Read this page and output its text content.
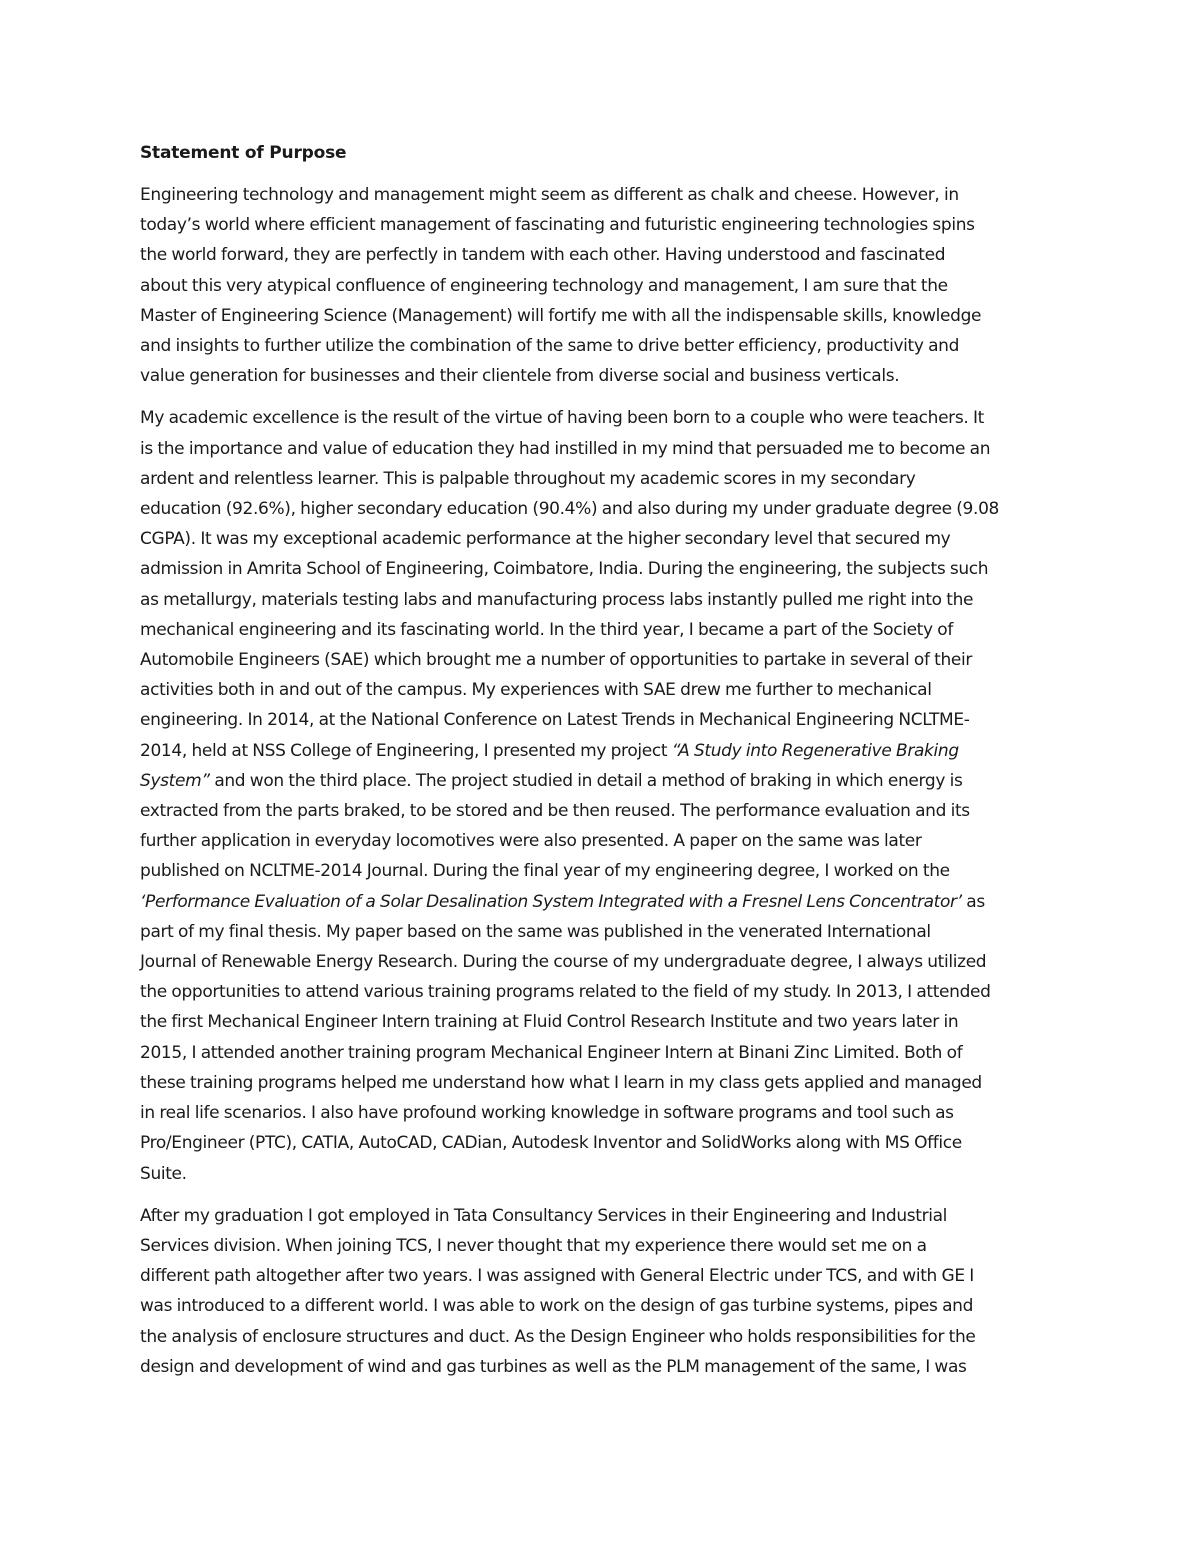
Statement of Purpose
Engineering technology and management might seem as different as chalk and cheese. However, in
today’s world where efficient management of fascinating and futuristic engineering technologies spins
the world forward, they are perfectly in tandem with each other. Having understood and fascinated
about this very atypical confluence of engineering technology and management, I am sure that the
Master of Engineering Science (Management) will fortify me with all the indispensable skills, knowledge
and insights to further utilize the combination of the same to drive better efficiency, productivity and
value generation for businesses and their clientele from diverse social and business verticals.
My academic excellence is the result of the virtue of having been born to a couple who were teachers. It
is the importance and value of education they had instilled in my mind that persuaded me to become an
ardent and relentless learner. This is palpable throughout my academic scores in my secondary
education (92.6%), higher secondary education (90.4%) and also during my under graduate degree (9.08
CGPA). It was my exceptional academic performance at the higher secondary level that secured my
admission in Amrita School of Engineering, Coimbatore, India. During the engineering, the subjects such
as metallurgy, materials testing labs and manufacturing process labs instantly pulled me right into the
mechanical engineering and its fascinating world. In the third year, I became a part of the Society of
Automobile Engineers (SAE) which brought me a number of opportunities to partake in several of their
activities both in and out of the campus. My experiences with SAE drew me further to mechanical
engineering. In 2014, at the National Conference on Latest Trends in Mechanical Engineering NCLTME-
2014, held at NSS College of Engineering, I presented my project “A Study into Regenerative Braking
System” and won the third place. The project studied in detail a method of braking in which energy is
extracted from the parts braked, to be stored and be then reused. The performance evaluation and its
further application in everyday locomotives were also presented. A paper on the same was later
published on NCLTME-2014 Journal. During the final year of my engineering degree, I worked on the
‘Performance Evaluation of a Solar Desalination System Integrated with a Fresnel Lens Concentrator’ as
part of my final thesis. My paper based on the same was published in the venerated International
Journal of Renewable Energy Research. During the course of my undergraduate degree, I always utilized
the opportunities to attend various training programs related to the field of my study. In 2013, I attended
the first Mechanical Engineer Intern training at Fluid Control Research Institute and two years later in
2015, I attended another training program Mechanical Engineer Intern at Binani Zinc Limited. Both of
these training programs helped me understand how what I learn in my class gets applied and managed
in real life scenarios. I also have profound working knowledge in software programs and tool such as
Pro/Engineer (PTC), CATIA, AutoCAD, CADian, Autodesk Inventor and SolidWorks along with MS Office
Suite.
After my graduation I got employed in Tata Consultancy Services in their Engineering and Industrial
Services division. When joining TCS, I never thought that my experience there would set me on a
different path altogether after two years. I was assigned with General Electric under TCS, and with GE I
was introduced to a different world. I was able to work on the design of gas turbine systems, pipes and
the analysis of enclosure structures and duct. As the Design Engineer who holds responsibilities for the
design and development of wind and gas turbines as well as the PLM management of the same, I was
